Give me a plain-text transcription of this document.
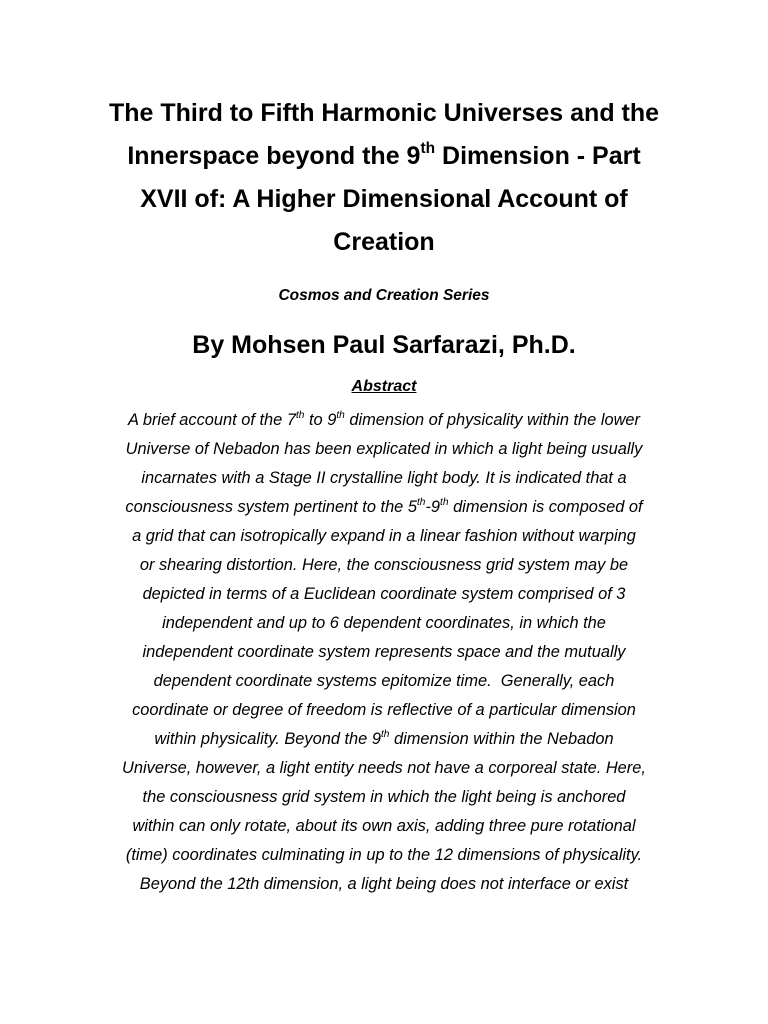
The Third to Fifth Harmonic Universes and the
Innerspace beyond the 9th Dimension - Part
XVII of: A Higher Dimensional Account of
Creation

Cosmos and Creation Series

By Mohsen Paul Sarfarazi, Ph.D.

Abstract

A brief account of the 7th to 9th dimension of physicality within the lower
Universe of Nebadon has been explicated in which a light being usually
incarnates with a Stage II crystalline light body. It is indicated that a
consciousness system pertinent to the 5th-9th dimension is composed of
a grid that can isotropically expand in a linear fashion without warping
or shearing distortion. Here, the consciousness grid system may be
depicted in terms of a Euclidean coordinate system comprised of 3
independent and up to 6 dependent coordinates, in which the
independent coordinate system represents space and the mutually
dependent coordinate systems epitomize time.  Generally, each
coordinate or degree of freedom is reflective of a particular dimension
within physicality. Beyond the 9th dimension within the Nebadon
Universe, however, a light entity needs not have a corporeal state. Here,
the consciousness grid system in which the light being is anchored
within can only rotate, about its own axis, adding three pure rotational
(time) coordinates culminating in up to the 12 dimensions of physicality.
Beyond the 12th dimension, a light being does not interface or exist
